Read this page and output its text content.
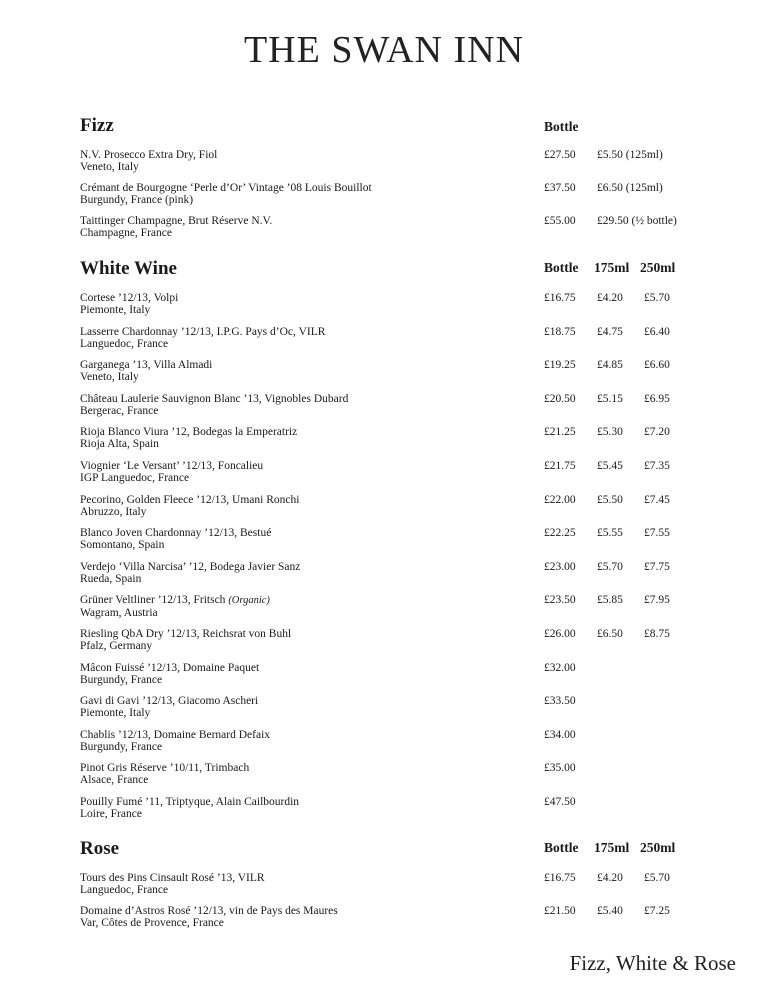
THE SWAN INN
Fizz	Bottle
N.V. Prosecco Extra Dry, Fiol
Veneto, Italy
£27.50 £5.50 (125ml)
Crémant de Bourgogne ‘Perle d’Or’ Vintage ’08 Louis Bouillot
Burgundy, France (pink)
£37.50 £6.50 (125ml)
Taittinger Champagne, Brut Réserve N.V.
Champagne, France
£55.00 £29.50 (½ bottle)
White Wine	Bottle 175ml 250ml
Cortese ’12/13, Volpi
Piemonte, Italy
£16.75 £4.20 £5.70
Lasserre Chardonnay ’12/13, I.P.G. Pays d’Oc, VILR
Languedoc, France
£18.75 £4.75 £6.40
Garganega ’13, Villa Almadi
Veneto, Italy
£19.25 £4.85 £6.60
Château Laulerie Sauvignon Blanc ’13, Vignobles Dubard
Bergerac, France
£20.50 £5.15 £6.95
Rioja Blanco Viura ’12, Bodegas la Emperatriz
Rioja Alta, Spain
£21.25 £5.30 £7.20
Viognier ‘Le Versant’ ’12/13, Foncalieu
IGP Languedoc, France
£21.75 £5.45 £7.35
Pecorino, Golden Fleece ’12/13, Umani Ronchi
Abruzzo, Italy
£22.00 £5.50 £7.45
Blanco Joven Chardonnay ’12/13, Bestué
Somontano, Spain
£22.25 £5.55 £7.55
Verdejo ‘Villa Narcisa’ ’12, Bodega Javier Sanz
Rueda, Spain
£23.00 £5.70 £7.75
Grüner Veltliner ’12/13, Fritsch (Organic)
Wagram, Austria
£23.50 £5.85 £7.95
Riesling QbA Dry ’12/13, Reichsrat von Buhl
Pfalz, Germany
£26.00 £6.50 £8.75
Mâcon Fuissé ’12/13, Domaine Paquet
Burgundy, France
£32.00
Gavi di Gavi ’12/13, Giacomo Ascheri
Piemonte, Italy
£33.50
Chablis ’12/13, Domaine Bernard Defaix
Burgundy, France
£34.00
Pinot Gris Réserve ’10/11, Trimbach
Alsace, France
£35.00
Pouilly Fumé ’11, Triptyque, Alain Cailbourdin
Loire, France
£47.50
Rose	Bottle 175ml 250ml
Tours des Pins Cinsault Rosé ’13, VILR
Languedoc, France
£16.75 £4.20 £5.70
Domaine d’Astros Rosé ’12/13, vin de Pays des Maures
Var, Côtes de Provence, France
£21.50 £5.40 £7.25
Fizz, White & Rose
